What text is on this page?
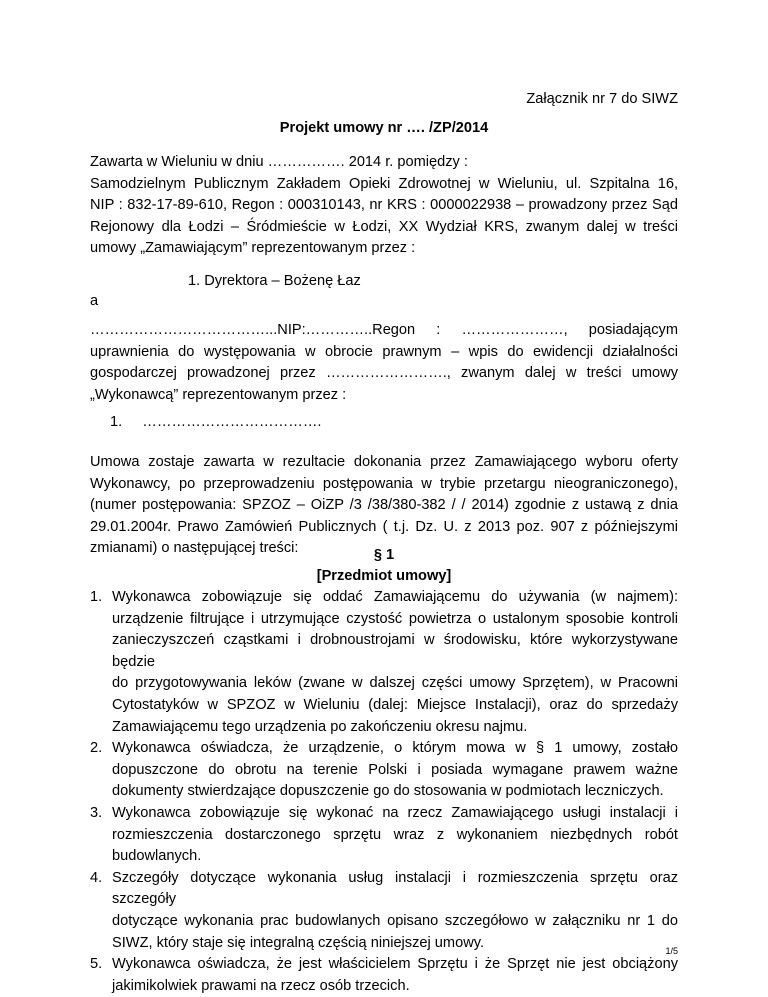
Załącznik nr 7 do SIWZ
Projekt umowy nr …. /ZP/2014
Zawarta w Wieluniu w dniu ……………. 2014 r. pomiędzy :
Samodzielnym Publicznym Zakładem Opieki Zdrowotnej w Wieluniu, ul. Szpitalna 16,
NIP : 832-17-89-610, Regon : 000310143, nr KRS : 0000022938 – prowadzony przez Sąd
Rejonowy dla Łodzi – Śródmieście w Łodzi, XX Wydział KRS, zwanym dalej w treści
umowy „Zamawiającym” reprezentowanym przez :
1. Dyrektora – Bożenę Łaz
a
………………………………...NIP:…………..Regon : …………………, posiadającym
uprawnienia do występowania w obrocie prawnym – wpis do ewidencji działalności
gospodarczej prowadzonej przez ……………………., zwanym dalej w treści umowy
„Wykonawcą” reprezentowanym przez :
1. ……………………………….
Umowa zostaje zawarta w rezultacie dokonania przez Zamawiającego wyboru oferty
Wykonawcy, po przeprowadzeniu postępowania w trybie przetargu nieograniczonego),
(numer postępowania: SPZOZ – OiZP /3 /38/380-382 / / 2014) zgodnie z ustawą z dnia
29.01.2004r. Prawo Zamówień Publicznych ( t.j. Dz. U. z 2013 poz. 907 z późniejszymi
zmianami) o następującej treści:	§ 1
[Przedmiot umowy]
1. Wykonawca zobowiązuje się oddać Zamawiającemu do używania (w najmem):
urządzenie filtrujące i utrzymujące czystość powietrza o ustalonym sposobie kontroli
zanieczyszczeń cząstkami i drobnoustrojami w środowisku, które wykorzystywane będzie
do przygotowywania leków (zwane w dalszej części umowy Sprzętem), w Pracowni
Cytostatyków w SPZOZ w Wieluniu (dalej: Miejsce Instalacji), oraz do sprzedaży
Zamawiającemu tego urządzenia po zakończeniu okresu najmu.
2. Wykonawca oświadcza, że urządzenie, o którym mowa w § 1 umowy, zostało
dopuszczone do obrotu na terenie Polski i posiada wymagane prawem ważne
dokumenty stwierdzające dopuszczenie go do stosowania w podmiotach leczniczych.
3. Wykonawca zobowiązuje się wykonać na rzecz Zamawiającego usługi instalacji i
rozmieszczenia dostarczonego sprzętu wraz z wykonaniem niezbędnych robót
budowlanych.
4. Szczegóły dotyczące wykonania usług instalacji i rozmieszczenia sprzętu oraz szczegóły
dotyczące wykonania prac budowlanych opisano szczegółowo w załączniku nr 1 do
SIWZ, który staje się integralną częścią niniejszej umowy.
5. Wykonawca oświadcza, że jest właścicielem Sprzętu i że Sprzęt nie jest obciążony
jakimikolwiek prawami na rzecz osób trzecich.
1/5
